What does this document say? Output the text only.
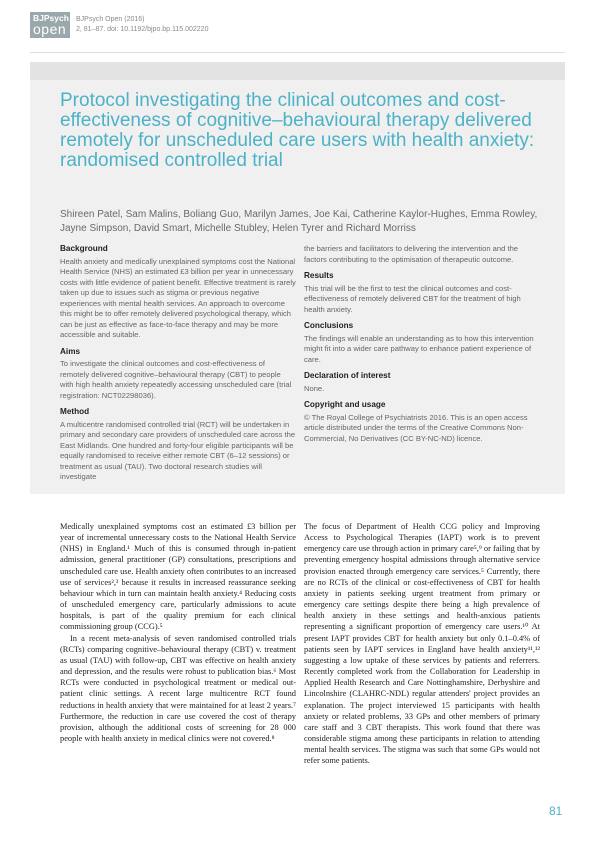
BJPsych
open
BJPsych Open (2016)
2, 81–87. doi: 10.1192/bjpo.bp.115.002220
Protocol investigating the clinical outcomes and cost-effectiveness of cognitive–behavioural therapy delivered remotely for unscheduled care users with health anxiety: randomised controlled trial
Shireen Patel, Sam Malins, Boliang Guo, Marilyn James, Joe Kai, Catherine Kaylor-Hughes, Emma Rowley, Jayne Simpson, David Smart, Michelle Stubley, Helen Tyrer and Richard Morriss
Background

Health anxiety and medically unexplained symptoms cost the National Health Service (NHS) an estimated £3 billion per year in unnecessary costs with little evidence of patient benefit. Effective treatment is rarely taken up due to issues such as stigma or previous negative experiences with mental health services. An approach to overcome this might be to offer remotely delivered psychological therapy, which can be just as effective as face-to-face therapy and may be more accessible and suitable.

Aims

To investigate the clinical outcomes and cost-effectiveness of remotely delivered cognitive–behavioural therapy (CBT) to people with high health anxiety repeatedly accessing unscheduled care (trial registration: NCT02298036).

Method

A multicentre randomised controlled trial (RCT) will be undertaken in primary and secondary care providers of unscheduled care across the East Midlands. One hundred and forty-four eligible participants will be equally randomised to receive either remote CBT (6–12 sessions) or treatment as usual (TAU). Two doctoral research studies will investigate

the barriers and facilitators to delivering the intervention and the factors contributing to the optimisation of therapeutic outcome.

Results

This trial will be the first to test the clinical outcomes and cost-effectiveness of remotely delivered CBT for the treatment of high health anxiety.

Conclusions

The findings will enable an understanding as to how this intervention might fit into a wider care pathway to enhance patient experience of care.

Declaration of interest

None.

Copyright and usage

© The Royal College of Psychiatrists 2016. This is an open access article distributed under the terms of the Creative Commons Non-Commercial, No Derivatives (CC BY-NC-ND) licence.

Medically unexplained symptoms cost an estimated £3 billion per year of incremental unnecessary costs to the National Health Service (NHS) in England.¹ Much of this is consumed through in-patient admission, general practitioner (GP) consultations, prescriptions and unscheduled care use. Health anxiety often contributes to an increased use of services²,³ because it results in increased reassurance seeking behaviour which in turn can maintain health anxiety.⁴ Reducing costs of unscheduled emergency care, particularly admissions to acute hospitals, is part of the quality premium for each clinical commissioning group (CCG).⁵

In a recent meta-analysis of seven randomised controlled trials (RCTs) comparing cognitive–behavioural therapy (CBT) v. treatment as usual (TAU) with follow-up, CBT was effective on health anxiety and depression, and the results were robust to publication bias.⁶ Most RCTs were conducted in psychological treatment or medical out-patient clinic settings. A recent large multicentre RCT found reductions in health anxiety that were maintained for at least 2 years.⁷ Furthermore, the reduction in care use covered the cost of therapy provision, although the additional costs of screening for 28 000 people with health anxiety in medical clinics were not covered.⁸

The focus of Department of Health CCG policy and Improving Access to Psychological Therapies (IAPT) work is to prevent emergency care use through action in primary care⁵,⁹ or failing that by preventing emergency hospital admissions through alternative service provision enacted through emergency care services.⁵ Currently, there are no RCTs of the clinical or cost-effectiveness of CBT for health anxiety in patients seeking urgent treatment from primary or emergency care settings despite there being a high prevalence of health anxiety in these settings and health-anxious patients representing a significant proportion of emergency care users.¹⁰ At present IAPT provides CBT for health anxiety but only 0.1–0.4% of patients seen by IAPT services in England have health anxiety¹¹,¹² suggesting a low uptake of these services by patients and referrers. Recently completed work from the Collaboration for Leadership in Applied Health Research and Care Nottinghamshire, Derbyshire and Lincolnshire (CLAHRC-NDL) regular attenders' project provides an explanation. The project interviewed 15 participants with health anxiety or related problems, 33 GPs and other members of primary care staff and 3 CBT therapists. This work found that there was considerable stigma among these participants in relation to attending mental health services. The stigma was such that some GPs would not refer some patients.

81
